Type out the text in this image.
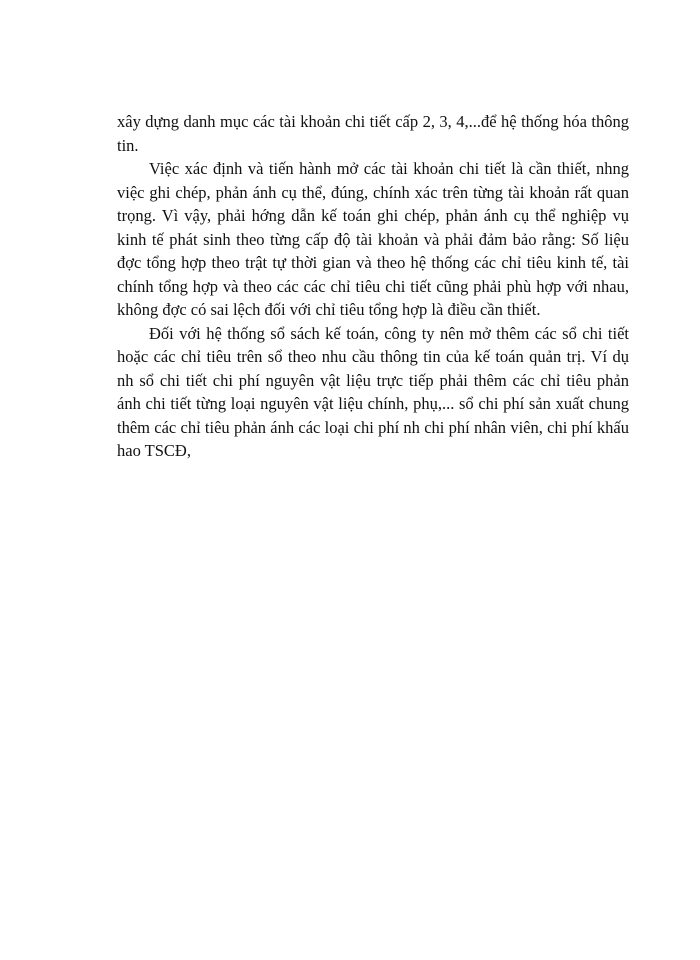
xây dựng danh mục các tài khoản chi tiết cấp 2, 3, 4,...để hệ thống hóa thông
tin.
Việc xác định và tiến hành mở các tài khoản chi tiết là cần thiết, nhng
việc ghi chép, phản ánh cụ thể, đúng, chính xác trên từng tài khoản rất quan
trọng. Vì vậy, phải hớng dẫn kế toán ghi chép, phản ánh cụ thể nghiệp vụ
kinh tế phát sinh theo từng cấp độ tài khoản và phải đảm bảo rằng: Số liệu
đợc tổng hợp theo trật tự thời gian và theo hệ thống các chỉ tiêu kinh tế, tài
chính tổng hợp và theo các các chỉ tiêu chi tiết cũng phải phù hợp với nhau,
không đợc có sai lệch đối với chỉ tiêu tổng hợp là điều cần thiết.
Đối với hệ thống sổ sách kế toán, công ty nên mở thêm các sổ chi tiết
hoặc các chỉ tiêu trên sổ theo nhu cầu thông tin của kế toán quản trị. Ví dụ
nh sổ chi tiết chi phí nguyên vật liệu trực tiếp phải thêm các chỉ tiêu phản
ánh chi tiết từng loại nguyên vật liệu chính, phụ,... sổ chi phí sản xuất chung
thêm các chỉ tiêu phản ánh các loại chi phí nh chi phí nhân viên, chi phí khấu
hao TSCĐ,
